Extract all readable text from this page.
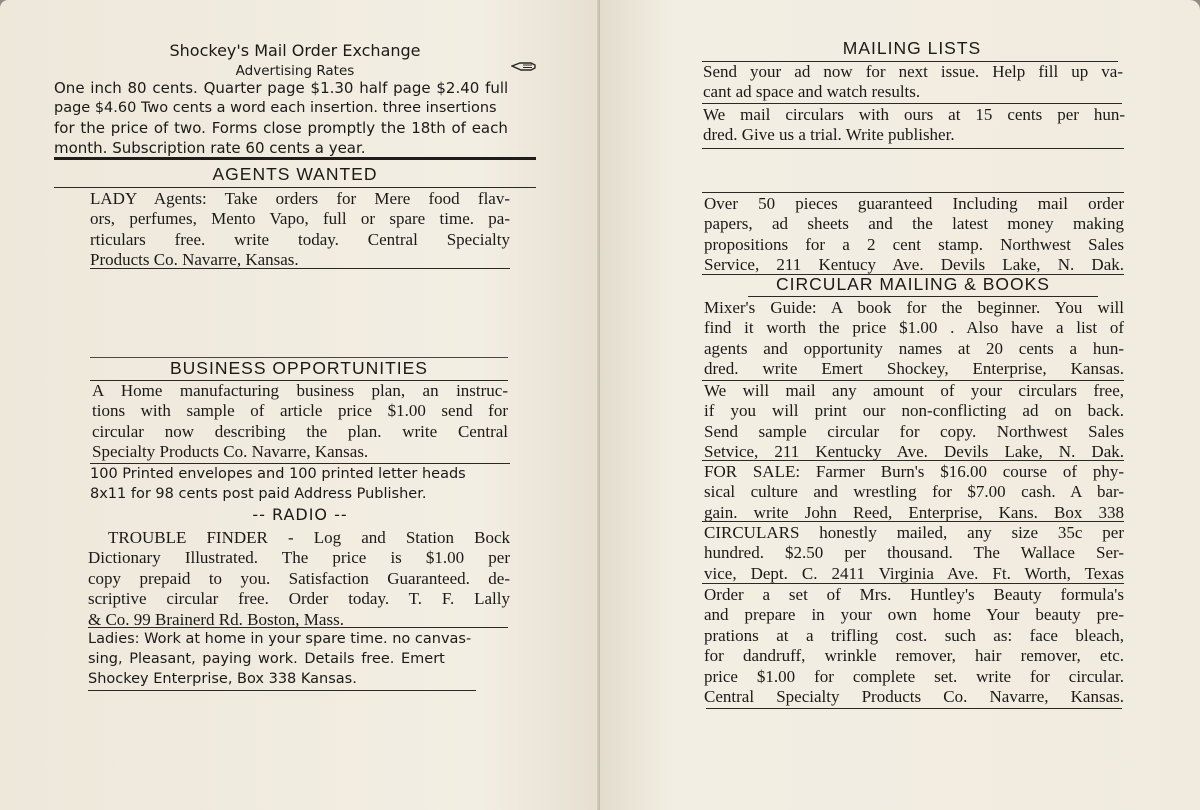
Shockey's Mail Order Exchange
Advertising Rates
One inch 80 cents. Quarter page $1.30 half page $2.40 full
page $4.60 Two cents a word each insertion. three insertions
for the price of two. Forms close promptly the 18th of each
month. Subscription rate 60 cents a year.
AGENTS WANTED
LADY Agents: Take orders for Mere food flav-
ors, perfumes, Mento Vapo, full or spare time. pa-
rticulars free. write today. Central Specialty
Products Co. Navarre, Kansas.
BUSINESS OPPORTUNITIES
A Home manufacturing business plan, an instruc-
tions with sample of article price $1.00 send for
circular now describing the plan. write Central
Specialty Products Co. Navarre, Kansas.
100 Printed envelopes and 100 printed letter heads
8x11 for 98 cents post paid Address Publisher.
-- RADIO --
TROUBLE FINDER - Log and Station Bock
Dictionary Illustrated. The price is $1.00 per
copy prepaid to you. Satisfaction Guaranteed. de-
scriptive circular free. Order today. T. F. Lally
& Co. 99 Brainerd Rd. Boston, Mass.
Ladies: Work at home in your spare time. no canvas-
sing, Pleasant, paying work. Details free. Emert
Shockey Enterprise, Box 338 Kansas.
MAILING LISTS
Send your ad now for next issue. Help fill up va-
cant ad space and watch results.
We mail circulars with ours at 15 cents per hun-
dred. Give us a trial. Write publisher.
Over 50 pieces guaranteed Including mail order
papers, ad sheets and the latest money making
propositions for a 2 cent stamp. Northwest Sales
Service, 211 Kentucy Ave. Devils Lake, N. Dak.
CIRCULAR MAILING & BOOKS
Mixer's Guide: A book for the beginner. You will
find it worth the price $1.00 . Also have a list of
agents and opportunity names at 20 cents a hun-
dred. write Emert Shockey, Enterprise, Kansas.
We will mail any amount of your circulars free,
if you will print our non-conflicting ad on back.
Send sample circular for copy. Northwest Sales
Setvice, 211 Kentucky Ave. Devils Lake, N. Dak.
FOR SALE: Farmer Burn's $16.00 course of phy-
sical culture and wrestling for $7.00 cash. A bar-
gain. write John Reed, Enterprise, Kans. Box 338
CIRCULARS honestly mailed, any size 35c per
hundred. $2.50 per thousand. The Wallace Ser-
vice, Dept. C. 2411 Virginia Ave. Ft. Worth, Texas
Order a set of Mrs. Huntley's Beauty formula's
and prepare in your own home Your beauty pre-
prations at a trifling cost. such as: face bleach,
for dandruff, wrinkle remover, hair remover, etc.
price $1.00 for complete set. write for circular.
Central Specialty Products Co. Navarre, Kansas.
